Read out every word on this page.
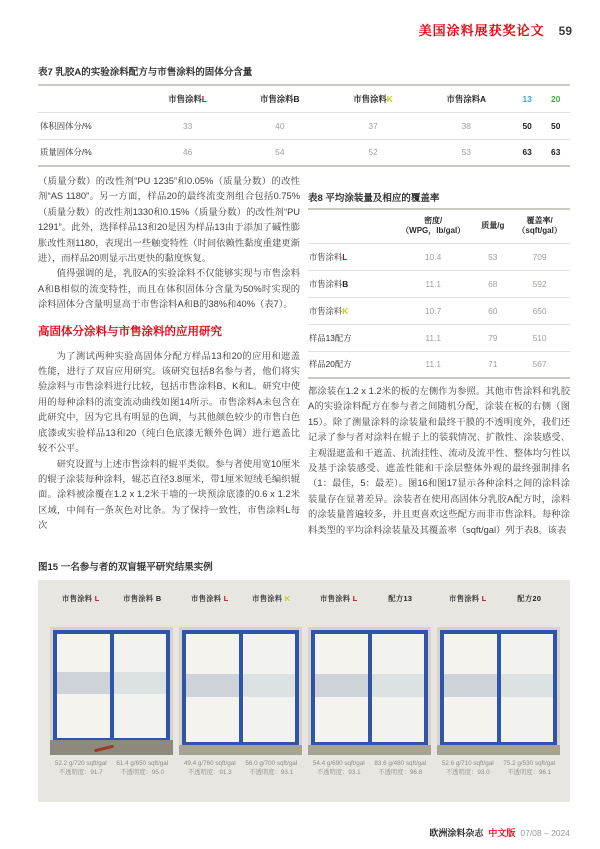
美国涂料展获奖论文 59
表7 乳胶A的实验涂料配方与市售涂料的固体分含量
	市售涂料L	市售涂料B	市售涂料K	市售涂料A	13	20
体积固体分/%	33	40	37	38	50	50
质量固体分/%	46	54	52	53	63	63

（质量分数）的改性剂“PU 1235”和0.05%（质量分数）的改性剂“AS 1180”。另一方面，样品20的最终流变剂组合包括0.75%（质量分数）的改性剂1330和0.15%（质量分数）的改性剂“PU 1291”。此外，选择样品13和20是因为样品13由于添加了碱性膨胀改性剂1180，表现出一些触变特性（时间依赖性黏度重建更渐进），而样品20则显示出更快的黏度恢复。

值得强调的是，乳胶A的实验涂料不仅能够实现与市售涂料A和B相似的流变特性，而且在体积固体分含量为50%时实现的涂料固体分含量明显高于市售涂料A和B的38%和40%（表7）。

高固体分涂料与市售涂料的应用研究

为了测试两种实验高固体分配方样品13和20的应用和遮盖性能，进行了双盲应用研究。该研究包括8名参与者，他们将实验涂料与市售涂料进行比较，包括市售涂料B、K和L。研究中使用的每种涂料的流变流动曲线如图14所示。市售涂料A未包含在此研究中，因为它具有明显的色调，与其他颜色较少的市售白色底漆或实验样品13和20（纯白色底漆无额外色调）进行遮盖比较不公平。

研究设置与上述市售涂料的辊平类似。参与者使用宽10厘米的辊子涂装每种涂料，辊芯直径3.8厘米，带1厘米短绒毛编织辊面。涂料被涂覆在1.2 x 1.2米干墙的一块预涂底漆的0.6 x 1.2米区域，中间有一条灰色对比条。为了保持一致性，市售涂料L每次

表8 平均涂装量及相应的覆盖率

	密度/
（WPG，lb/gal）	质量/g	覆盖率/
（sqft/gal）

市售涂料L	10.4	53	709
市售涂料B	11.1	68	592
市售涂料K	10.7	60	650
样品13配方	11.1	79	510
样品20配方	11.1	71	567

都涂装在1.2 x 1.2米的板的左侧作为参照。其他市售涂料和乳胶A的实验涂料配方在参与者之间随机分配，涂装在板的右侧（图15）。除了测量涂料的涂装量和最终干膜的不透明度外，我们还记录了参与者对涂料在辊子上的装载情况、扩散性、涂装感受、主观湿遮盖和干遮盖、抗流挂性、流动及流平性、整体均匀性以及基于涂装感受、遮盖性能和干涂层整体外观的最终强制排名（1：最佳，5：最差）。图16和图17显示各种涂料之间的涂料涂装量存在显著差异。涂装者在使用高固体分乳胶A配方时，涂料的涂装量普遍较多，并且更喜欢这些配方而非市售涂料。每种涂料类型的平均涂料涂装量及其覆盖率（sqft/gal）列于表8。该表

图15 一名参与者的双盲辊平研究结果实例
市售涂料 L	市售涂料 B
52.2 g/720 sqft/gal
不透明度：91.7
61.4 g/650 sqft/gal
不透明度：95.0
市售涂料 L	市售涂料 K
49.4 g/760 sqft/gal
不透明度：91.3
56.0 g/700 sqft/gal
不透明度：93.1
市售涂料 L	配方13
54.4 g/690 sqft/gal
不透明度：93.1
83.6 g/480 sqft/gal
不透明度：96.8
市售涂料 L	配方20
52.6 g/710 sqft/gal
不透明度：93.0
75.2 g/530 sqft/gal
不透明度：96.1
欧洲涂料杂志 中文版 07/08 – 2024
